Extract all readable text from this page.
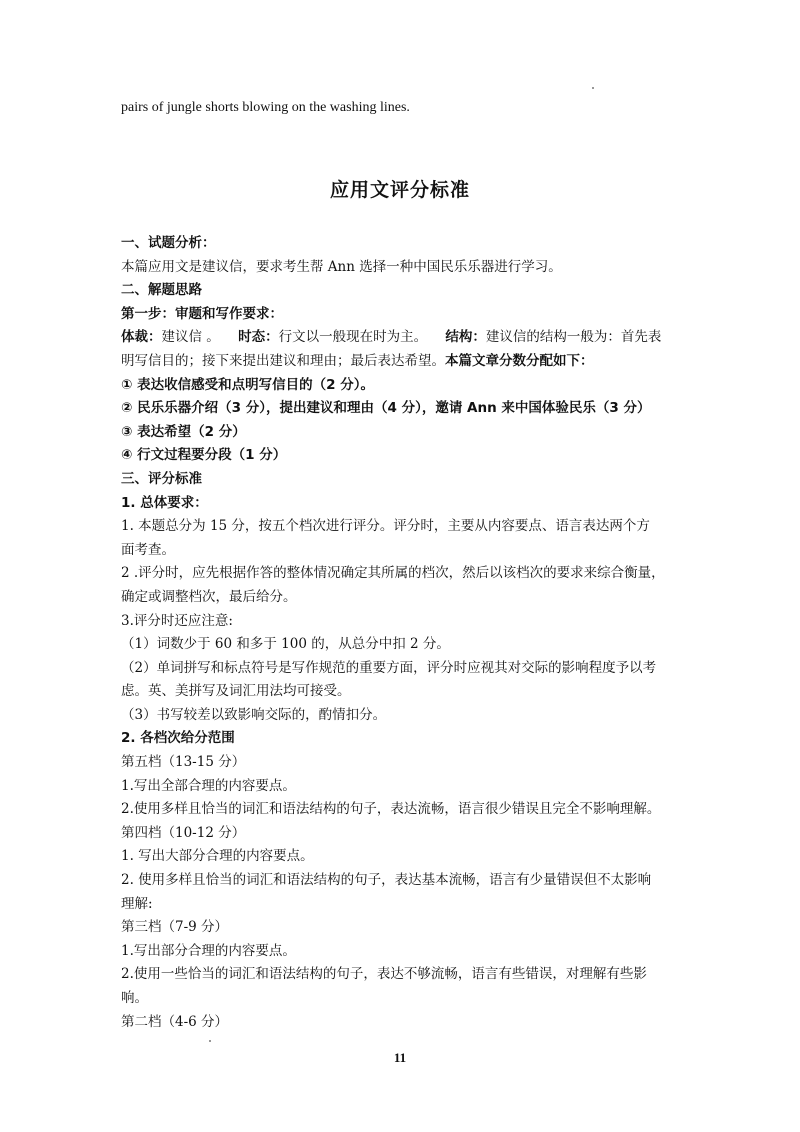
pairs of jungle shorts blowing on the washing lines.
应用文评分标准
一、试题分析：
本篇应用文是建议信，要求考生帮 Ann 选择一种中国民乐乐器进行学习。
二、解题思路
第一步：审题和写作要求：
体裁：建议信 。 时态：行文以一般现在时为主。 结构：建议信的结构一般为：首先表
明写信目的；接下来提出建议和理由；最后表达希望。本篇文章分数分配如下：
① 表达收信感受和点明写信目的（2 分）。
② 民乐乐器介绍（3 分），提出建议和理由（4 分），邀请 Ann 来中国体验民乐（3 分）
③ 表达希望（2 分）
④ 行文过程要分段（1 分）
三、评分标准
1. 总体要求：
1. 本题总分为 15 分，按五个档次进行评分。评分时，主要从内容要点、语言表达两个方
面考查。
2 .评分时，应先根据作答的整体情况确定其所属的档次，然后以该档次的要求来综合衡量，
确定或调整档次，最后给分。
3.评分时还应注意:
（1）词数少于 60 和多于 100 的，从总分中扣 2 分。
（2）单词拼写和标点符号是写作规范的重要方面，评分时应视其对交际的影响程度予以考
虑。英、美拼写及词汇用法均可接受。
（3）书写较差以致影响交际的，酌情扣分。
2. 各档次给分范围
第五档（13-15 分）
1.写出全部合理的内容要点。
2.使用多样且恰当的词汇和语法结构的句子，表达流畅，语言很少错误且完全不影响理解。
第四档（10-12 分）
1. 写出大部分合理的内容要点。
2. 使用多样且恰当的词汇和语法结构的句子，表达基本流畅，语言有少量错误但不太影响
理解:
第三档（7-9 分）
1.写出部分合理的内容要点。
2.使用一些恰当的词汇和语法结构的句子，表达不够流畅，语言有些错误，对理解有些影
响。
第二档（4-6 分）
11
